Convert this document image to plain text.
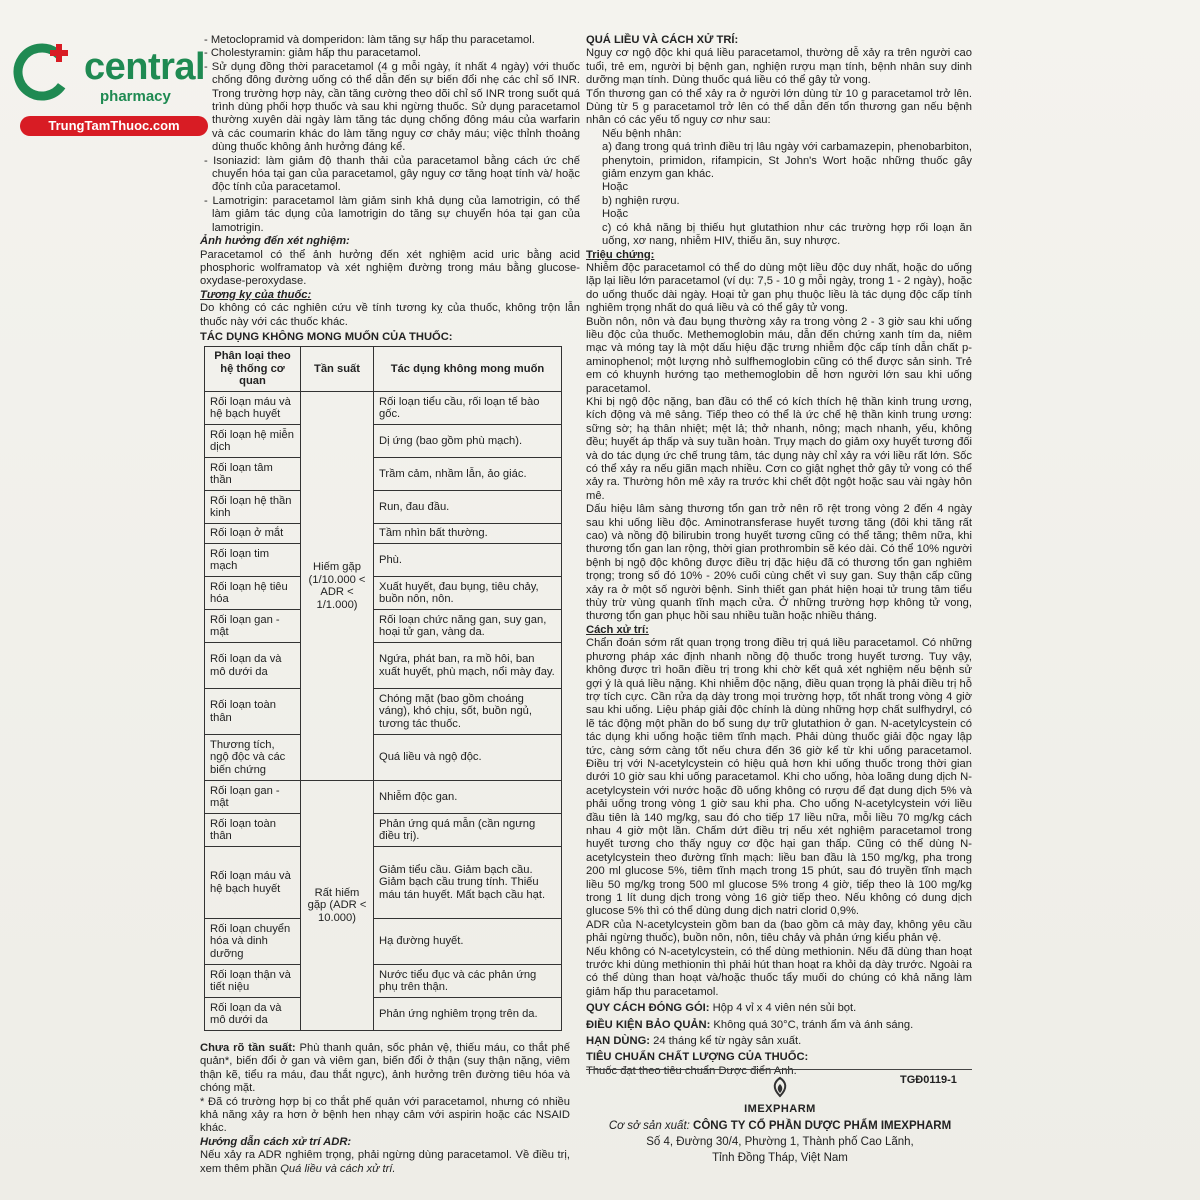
central
pharmacy
TrungTamThuoc.com

- Metoclopramid và domperidon: làm tăng sự hấp thu paracetamol.

- Cholestyramin: giảm hấp thu paracetamol.

- Sử dụng đồng thời paracetamol (4 g mỗi ngày, ít nhất 4 ngày) với thuốc chống đông đường uống có thể dẫn đến sự biến đổi nhẹ các chỉ số INR. Trong trường hợp này, cần tăng cường theo dõi chỉ số INR trong suốt quá trình dùng phối hợp thuốc và sau khi ngừng thuốc. Sử dụng paracetamol thường xuyên dài ngày làm tăng tác dụng chống đông máu của warfarin và các coumarin khác do làm tăng nguy cơ chảy máu; việc thỉnh thoảng dùng thuốc không ảnh hưởng đáng kể.

- Isoniazid: làm giảm độ thanh thải của paracetamol bằng cách ức chế chuyển hóa tại gan của paracetamol, gây nguy cơ tăng hoạt tính và/ hoặc độc tính của paracetamol.

- Lamotrigin: paracetamol làm giảm sinh khả dụng của lamotrigin, có thể làm giảm tác dụng của lamotrigin do tăng sự chuyển hóa tại gan của lamotrigin.

Ảnh hưởng đến xét nghiệm:

Paracetamol có thể ảnh hưởng đến xét nghiệm acid uric bằng acid phosphoric wolframatop và xét nghiệm đường trong máu bằng glucose-oxydase-peroxydase.

Tương kỵ của thuốc:

Do không có các nghiên cứu về tính tương kỵ của thuốc, không trộn lẫn thuốc này với các thuốc khác.

TÁC DỤNG KHÔNG MONG MUỐN CỦA THUỐC:

Phân loại theo hệ thống cơ quan	Tần suất	Tác dụng không mong muốn
Rối loạn máu và hệ bạch huyết	Hiếm gặp (1/10.000 < ADR < 1/1.000)	Rối loạn tiểu cầu, rối loạn tế bào gốc.
Rối loạn hệ miễn dịch		Dị ứng (bao gồm phù mạch).
Rối loạn tâm thần		Trầm cảm, nhầm lẫn, ảo giác.
Rối loạn hệ thần kinh		Run, đau đầu.
Rối loạn ở mắt		Tầm nhìn bất thường.
Rối loạn tim mạch		Phù.
Rối loạn hệ tiêu hóa		Xuất huyết, đau bụng, tiêu chảy, buồn nôn, nôn.
Rối loạn gan - mật		Rối loạn chức năng gan, suy gan, hoại tử gan, vàng da.
Rối loạn da và mô dưới da		Ngứa, phát ban, ra mồ hôi, ban xuất huyết, phù mạch, nổi mày đay.
Rối loạn toàn thân		Chóng mặt (bao gồm choáng váng), khó chịu, sốt, buồn ngủ, tương tác thuốc.
Thương tích, ngộ độc và các biến chứng		Quá liều và ngộ độc.
Rối loạn gan - mật	Rất hiếm gặp (ADR < 10.000)	Nhiễm độc gan.
Rối loạn toàn thân		Phản ứng quá mẫn (cần ngưng điều trị).
Rối loạn máu và hệ bạch huyết		Giảm tiểu cầu. Giảm bạch cầu. Giảm bạch cầu trung tính. Thiếu máu tán huyết. Mất bạch cầu hạt.
Rối loạn chuyển hóa và dinh dưỡng		Hạ đường huyết.
Rối loạn thận và tiết niệu		Nước tiểu đục và các phản ứng phụ trên thận.
Rối loạn da và mô dưới da		Phản ứng nghiêm trọng trên da.

Chưa rõ tần suất: Phù thanh quản, sốc phản vệ, thiếu máu, co thắt phế quản*, biến đổi ở gan và viêm gan, biến đổi ở thận (suy thận nặng, viêm thận kẽ, tiểu ra máu, đau thắt ngực), ảnh hưởng trên đường tiêu hóa và chóng mặt.

* Đã có trường hợp bị co thắt phế quản với paracetamol, nhưng có nhiều khả năng xảy ra hơn ở bệnh hen nhạy cảm với aspirin hoặc các NSAID khác.

Hướng dẫn cách xử trí ADR:

Nếu xảy ra ADR nghiêm trọng, phải ngừng dùng paracetamol. Về điều trị, xem thêm phần Quá liều và cách xử trí.

QUÁ LIỀU VÀ CÁCH XỬ TRÍ:

Nguy cơ ngộ độc khi quá liều paracetamol, thường dễ xảy ra trên người cao tuổi, trẻ em, người bị bệnh gan, nghiện rượu mạn tính, bệnh nhân suy dinh dưỡng mạn tính. Dùng thuốc quá liều có thể gây tử vong.

Tổn thương gan có thể xảy ra ở người lớn dùng từ 10 g paracetamol trở lên. Dùng từ 5 g paracetamol trở lên có thể dẫn đến tổn thương gan nếu bệnh nhân có các yếu tố nguy cơ như sau:

Nếu bệnh nhân:

a) đang trong quá trình điều trị lâu ngày với carbamazepin, phenobarbiton, phenytoin, primidon, rifampicin, St John's Wort hoặc những thuốc gây giảm enzym gan khác.

Hoặc

b) nghiện rượu.

Hoặc

c) có khả năng bị thiếu hụt glutathion như các trường hợp rối loạn ăn uống, xơ nang, nhiễm HIV, thiếu ăn, suy nhược.

Triệu chứng:

Nhiễm độc paracetamol có thể do dùng một liều độc duy nhất, hoặc do uống lặp lại liều lớn paracetamol (ví dụ: 7,5 - 10 g mỗi ngày, trong 1 - 2 ngày), hoặc do uống thuốc dài ngày. Hoại tử gan phụ thuộc liều là tác dụng độc cấp tính nghiêm trọng nhất do quá liều và có thể gây tử vong.

Buồn nôn, nôn và đau bụng thường xảy ra trong vòng 2 - 3 giờ sau khi uống liều độc của thuốc. Methemoglobin máu, dẫn đến chứng xanh tím da, niêm mạc và móng tay là một dấu hiệu đặc trưng nhiễm độc cấp tính dẫn chất p-aminophenol; một lượng nhỏ sulfhemoglobin cũng có thể được sản sinh. Trẻ em có khuynh hướng tạo methemoglobin dễ hơn người lớn sau khi uống paracetamol.

Khi bị ngộ độc nặng, ban đầu có thể có kích thích hệ thần kinh trung ương, kích động và mê sảng. Tiếp theo có thể là ức chế hệ thần kinh trung ương: sững sờ; hạ thân nhiệt; mệt lả; thở nhanh, nông; mạch nhanh, yếu, không đều; huyết áp thấp và suy tuần hoàn. Trụy mạch do giảm oxy huyết tương đối và do tác dụng ức chế trung tâm, tác dụng này chỉ xảy ra với liều rất lớn. Sốc có thể xảy ra nếu giãn mạch nhiều. Cơn co giật nghẹt thở gây tử vong có thể xảy ra. Thường hôn mê xảy ra trước khi chết đột ngột hoặc sau vài ngày hôn mê.

Dấu hiệu lâm sàng thương tổn gan trở nên rõ rệt trong vòng 2 đến 4 ngày sau khi uống liều độc. Aminotransferase huyết tương tăng (đôi khi tăng rất cao) và nồng độ bilirubin trong huyết tương cũng có thể tăng; thêm nữa, khi thương tổn gan lan rộng, thời gian prothrombin sẽ kéo dài. Có thể 10% người bệnh bị ngộ độc không được điều trị đặc hiệu đã có thương tổn gan nghiêm trọng; trong số đó 10% - 20% cuối cùng chết vì suy gan. Suy thận cấp cũng xảy ra ở một số người bệnh. Sinh thiết gan phát hiện hoại tử trung tâm tiểu thùy trừ vùng quanh tĩnh mạch cửa. Ở những trường hợp không tử vong, thương tổn gan phục hồi sau nhiều tuần hoặc nhiều tháng.

Cách xử trí:

Chẩn đoán sớm rất quan trọng trong điều trị quá liều paracetamol. Có những phương pháp xác định nhanh nồng độ thuốc trong huyết tương. Tuy vậy, không được trì hoãn điều trị trong khi chờ kết quả xét nghiệm nếu bệnh sử gợi ý là quá liều nặng. Khi nhiễm độc nặng, điều quan trọng là phải điều trị hỗ trợ tích cực. Cần rửa dạ dày trong mọi trường hợp, tốt nhất trong vòng 4 giờ sau khi uống. Liệu pháp giải độc chính là dùng những hợp chất sulfhydryl, có lẽ tác động một phần do bổ sung dự trữ glutathion ở gan. N-acetylcystein có tác dụng khi uống hoặc tiêm tĩnh mạch. Phải dùng thuốc giải độc ngay lập tức, càng sớm càng tốt nếu chưa đến 36 giờ kể từ khi uống paracetamol. Điều trị với N-acetylcystein có hiệu quả hơn khi uống thuốc trong thời gian dưới 10 giờ sau khi uống paracetamol. Khi cho uống, hòa loãng dung dịch N-acetylcystein với nước hoặc đồ uống không có rượu để đạt dung dịch 5% và phải uống trong vòng 1 giờ sau khi pha. Cho uống N-acetylcystein với liều đầu tiên là 140 mg/kg, sau đó cho tiếp 17 liều nữa, mỗi liều 70 mg/kg cách nhau 4 giờ một lần. Chấm dứt điều trị nếu xét nghiệm paracetamol trong huyết tương cho thấy nguy cơ độc hại gan thấp. Cũng có thể dùng N-acetylcystein theo đường tĩnh mạch: liều ban đầu là 150 mg/kg, pha trong 200 ml glucose 5%, tiêm tĩnh mạch trong 15 phút, sau đó truyền tĩnh mạch liều 50 mg/kg trong 500 ml glucose 5% trong 4 giờ, tiếp theo là 100 mg/kg trong 1 lít dung dịch trong vòng 16 giờ tiếp theo. Nếu không có dung dịch glucose 5% thì có thể dùng dung dịch natri clorid 0,9%.

ADR của N-acetylcystein gồm ban da (bao gồm cả mày đay, không yêu cầu phải ngừng thuốc), buồn nôn, nôn, tiêu chảy và phản ứng kiểu phản vệ.

Nếu không có N-acetylcystein, có thể dùng methionin. Nếu đã dùng than hoạt trước khi dùng methionin thì phải hút than hoạt ra khỏi dạ dày trước. Ngoài ra có thể dùng than hoạt và/hoặc thuốc tẩy muối do chúng có khả năng làm giảm hấp thu paracetamol.

QUY CÁCH ĐÓNG GÓI: Hộp 4 vỉ x 4 viên nén sủi bọt.

ĐIỀU KIỆN BẢO QUẢN: Không quá 30°C, tránh ẩm và ánh sáng.

HẠN DÙNG: 24 tháng kể từ ngày sản xuất.

TIÊU CHUẨN CHẤT LƯỢNG CỦA THUỐC:

Thuốc đạt theo tiêu chuẩn Dược điển Anh.

TGĐ0119-1
IMEXPHARM
Cơ sở sản xuất: CÔNG TY CỔ PHẦN DƯỢC PHẨM IMEXPHARM
Số 4, Đường 30/4, Phường 1, Thành phố Cao Lãnh,
Tỉnh Đồng Tháp, Việt Nam
